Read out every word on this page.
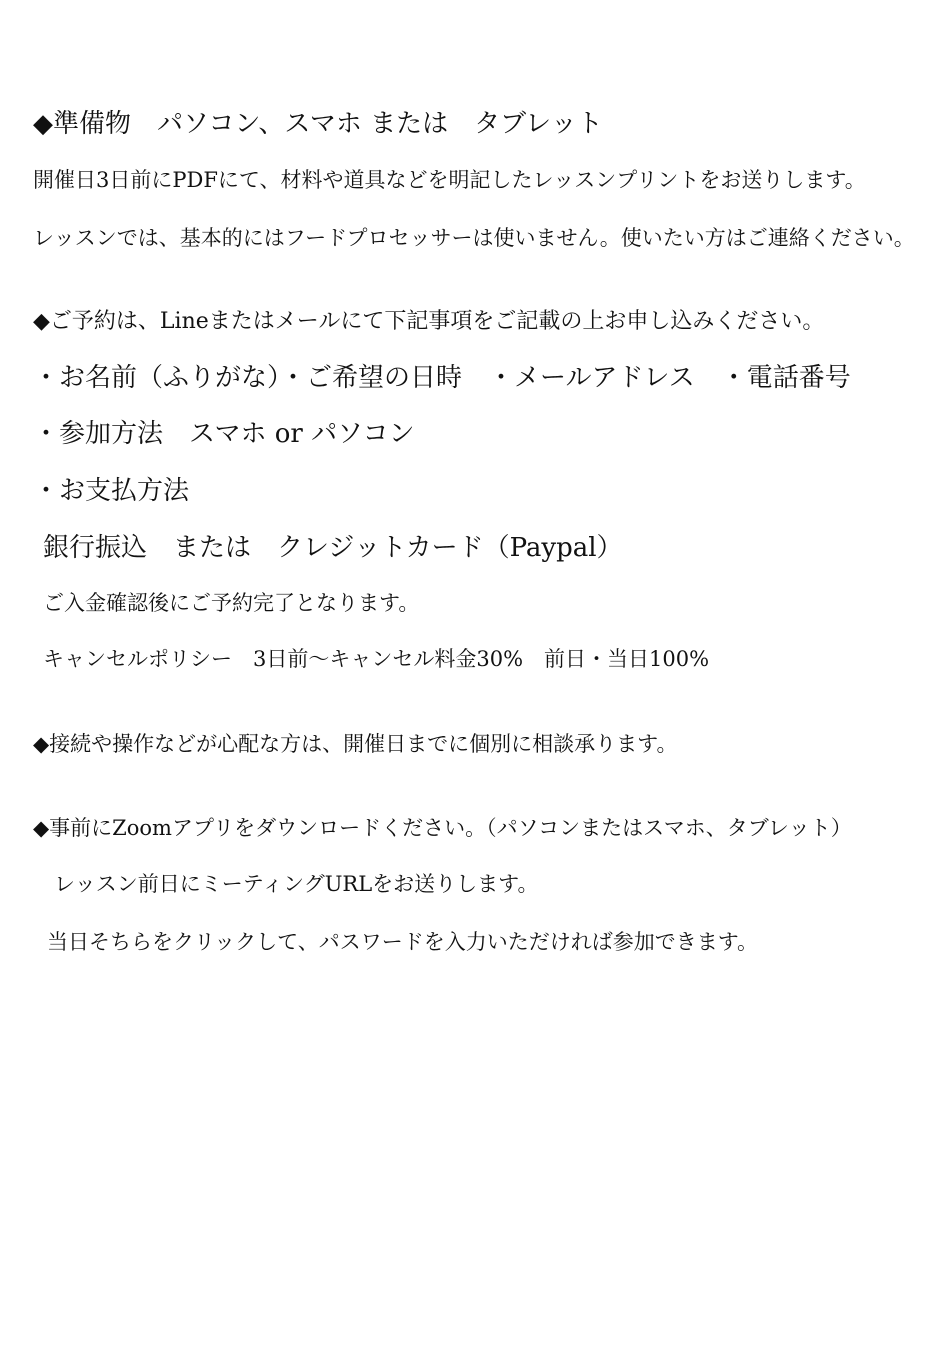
◆準備物　パソコン、スマホ または　タブレット
開催日3日前にPDFにて、材料や道具などを明記したレッスンプリントをお送りします。
レッスンでは、基本的にはフードプロセッサーは使いません。使いたい方はご連絡ください。
◆ご予約は、Lineまたはメールにて下記事項をご記載の上お申し込みください。
・お名前（ふりがな）・ご希望の日時　・メールアドレス　・電話番号
・参加方法　スマホ or パソコン
・お支払方法
銀行振込　または　クレジットカード（Paypal）
ご入金確認後にご予約完了となります。
キャンセルポリシー　3日前～キャンセル料金30%　前日・当日100%
◆接続や操作などが心配な方は、開催日までに個別に相談承ります。
◆事前にZoomアプリをダウンロードください。（パソコンまたはスマホ、タブレット）
レッスン前日にミーティングURLをお送りします。
当日そちらをクリックして、パスワードを入力いただければ参加できます。
